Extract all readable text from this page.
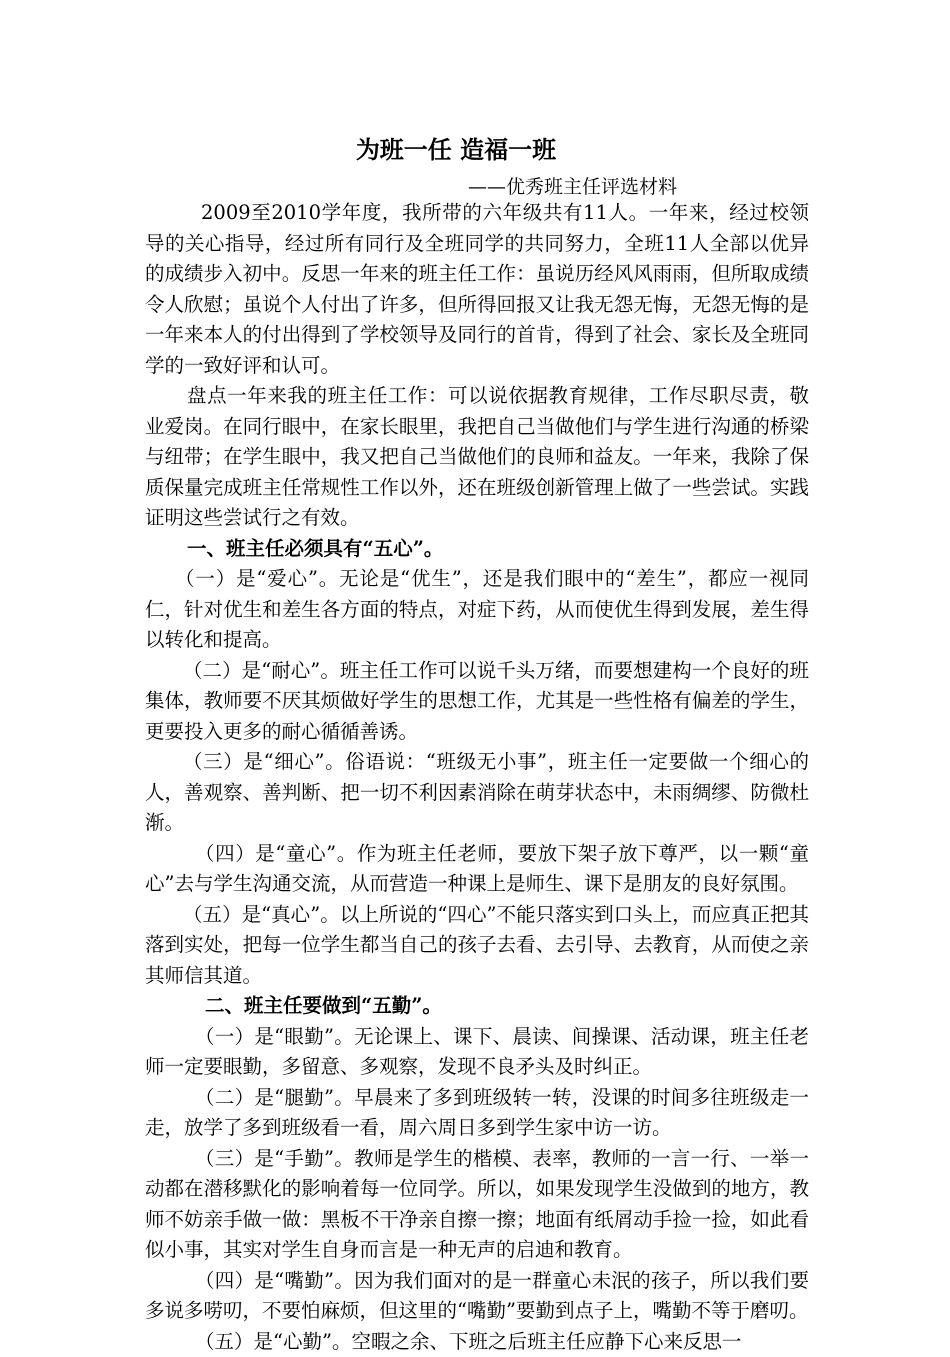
为班一任 造福一班

——优秀班主任评选材料

2009至2010学年度，我所带的六年级共有11人。一年来，经过校领导的关心指导，经过所有同行及全班同学的共同努力，全班11人全部以优异的成绩步入初中。反思一年来的班主任工作：虽说历经风风雨雨，但所取成绩令人欣慰；虽说个人付出了许多，但所得回报又让我无怨无悔，无怨无悔的是一年来本人的付出得到了学校领导及同行的首肯，得到了社会、家长及全班同学的一致好评和认可。

盘点一年来我的班主任工作：可以说依据教育规律，工作尽职尽责，敬业爱岗。在同行眼中，在家长眼里，我把自己当做他们与学生进行沟通的桥梁与纽带；在学生眼中，我又把自己当做他们的良师和益友。一年来，我除了保质保量完成班主任常规性工作以外，还在班级创新管理上做了一些尝试。实践证明这些尝试行之有效。

一、班主任必须具有“五心”。

（一）是“爱心”。无论是“优生”，还是我们眼中的“差生”，都应一视同仁，针对优生和差生各方面的特点，对症下药，从而使优生得到发展，差生得以转化和提高。

（二）是“耐心”。班主任工作可以说千头万绪，而要想建构一个良好的班集体，教师要不厌其烦做好学生的思想工作，尤其是一些性格有偏差的学生，更要投入更多的耐心循循善诱。

（三）是“细心”。俗语说：“班级无小事”，班主任一定要做一个细心的人，善观察、善判断、把一切不利因素消除在萌芽状态中，未雨绸缪、防微杜渐。

（四）是“童心”。作为班主任老师，要放下架子放下尊严，以一颗“童心”去与学生沟通交流，从而营造一种课上是师生、课下是朋友的良好氛围。

（五）是“真心”。以上所说的“四心”不能只落实到口头上，而应真正把其落到实处，把每一位学生都当自己的孩子去看、去引导、去教育，从而使之亲其师信其道。

二、班主任要做到“五勤”。

（一）是“眼勤”。无论课上、课下、晨读、间操课、活动课，班主任老师一定要眼勤，多留意、多观察，发现不良矛头及时纠正。

（二）是“腿勤”。早晨来了多到班级转一转，没课的时间多往班级走一走，放学了多到班级看一看，周六周日多到学生家中访一访。

（三）是“手勤”。教师是学生的楷模、表率，教师的一言一行、一举一动都在潜移默化的影响着每一位同学。所以，如果发现学生没做到的地方，教师不妨亲手做一做：黑板不干净亲自擦一擦；地面有纸屑动手捡一捡，如此看似小事，其实对学生自身而言是一种无声的启迪和教育。

（四）是“嘴勤”。因为我们面对的是一群童心未泯的孩子，所以我们要多说多唠叨，不要怕麻烦，但这里的“嘴勤”要勤到点子上，嘴勤不等于磨叨。

（五）是“心勤”。空暇之余、下班之后班主任应静下心来反思一
